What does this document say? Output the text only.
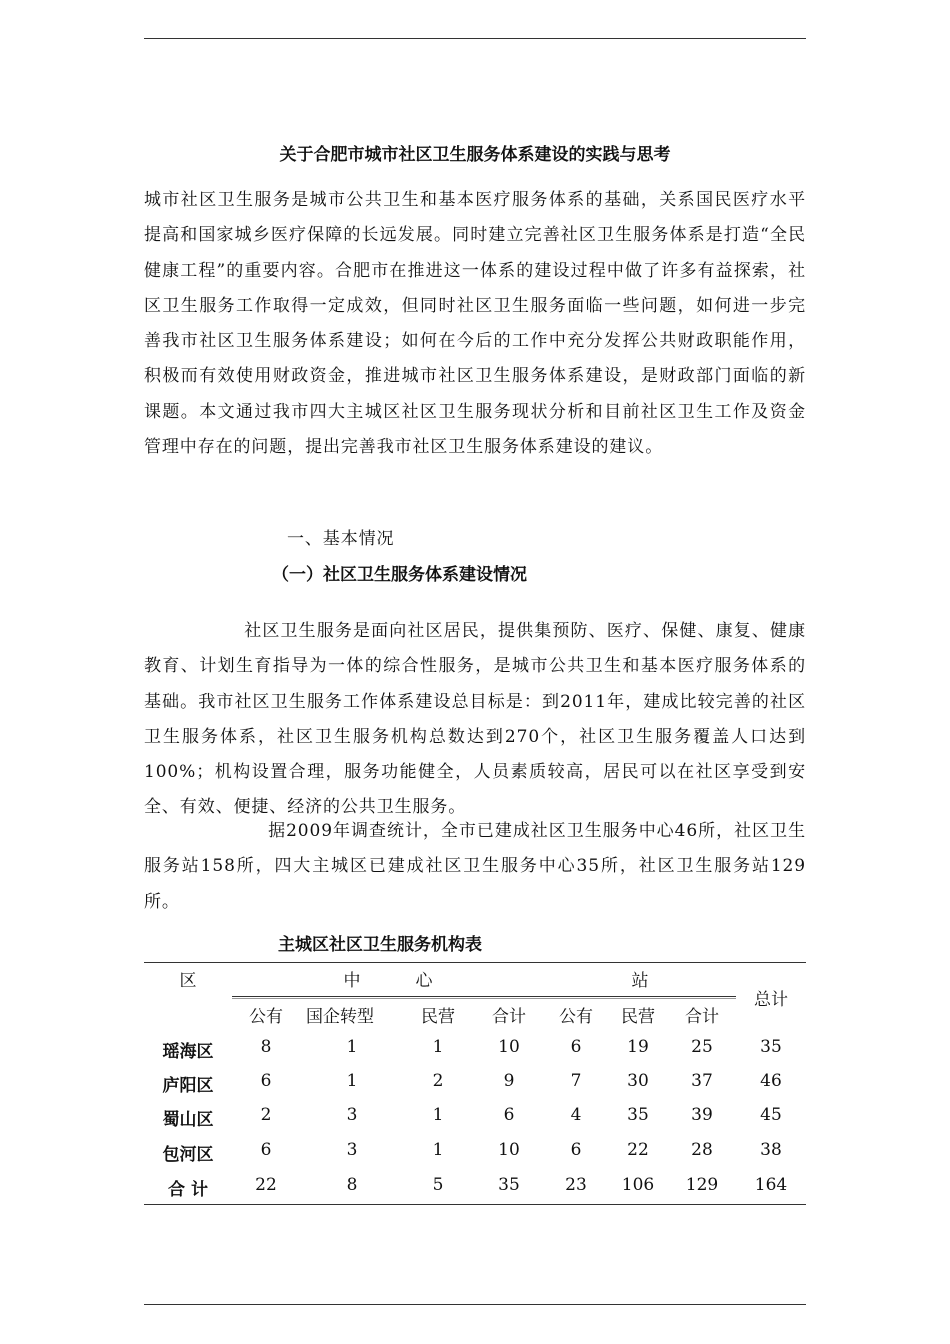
关于合肥市城市社区卫生服务体系建设的实践与思考

城市社区卫生服务是城市公共卫生和基本医疗服务体系的基础，关系国民医疗水平提高和国家城乡医疗保障的长远发展。同时建立完善社区卫生服务体系是打造“全民健康工程”的重要内容。合肥市在推进这一体系的建设过程中做了许多有益探索，社区卫生服务工作取得一定成效，但同时社区卫生服务面临一些问题，如何进一步完善我市社区卫生服务体系建设；如何在今后的工作中充分发挥公共财政职能作用，积极而有效使用财政资金，推进城市社区卫生服务体系建设，是财政部门面临的新课题。本文通过我市四大主城区社区卫生服务现状分析和目前社区卫生工作及资金管理中存在的问题，提出完善我市社区卫生服务体系建设的建议。

一、基本情况
（一）社区卫生服务体系建设情况

社区卫生服务是面向社区居民，提供集预防、医疗、保健、康复、健康教育、计划生育指导为一体的综合性服务，是城市公共卫生和基本医疗服务体系的基础。我市社区卫生服务工作体系建设总目标是：到2011年，建成比较完善的社区卫生服务体系，社区卫生服务机构总数达到270个，社区卫生服务覆盖人口达到100%；机构设置合理，服务功能健全，人员素质较高，居民可以在社区享受到安全、有效、便捷、经济的公共卫生服务。

据2009年调查统计，全市已建成社区卫生服务中心46所，社区卫生服务站158所，四大主城区已建成社区卫生服务中心35所，社区卫生服务站129所。

主城区社区卫生服务机构表
区	中	心	站
总计
公有 国企转型	民营 合计 公有 民营 合计
瑶海区	8	1	1	10	6	19 25	35
庐阳区	6	1	2	9	7	30 37	46
蜀山区	2	3	1	6	4	35 39	45
包河区	6	3	1	10	6	22 28	38
合 计	22	8	5	35	23 106 129 164
